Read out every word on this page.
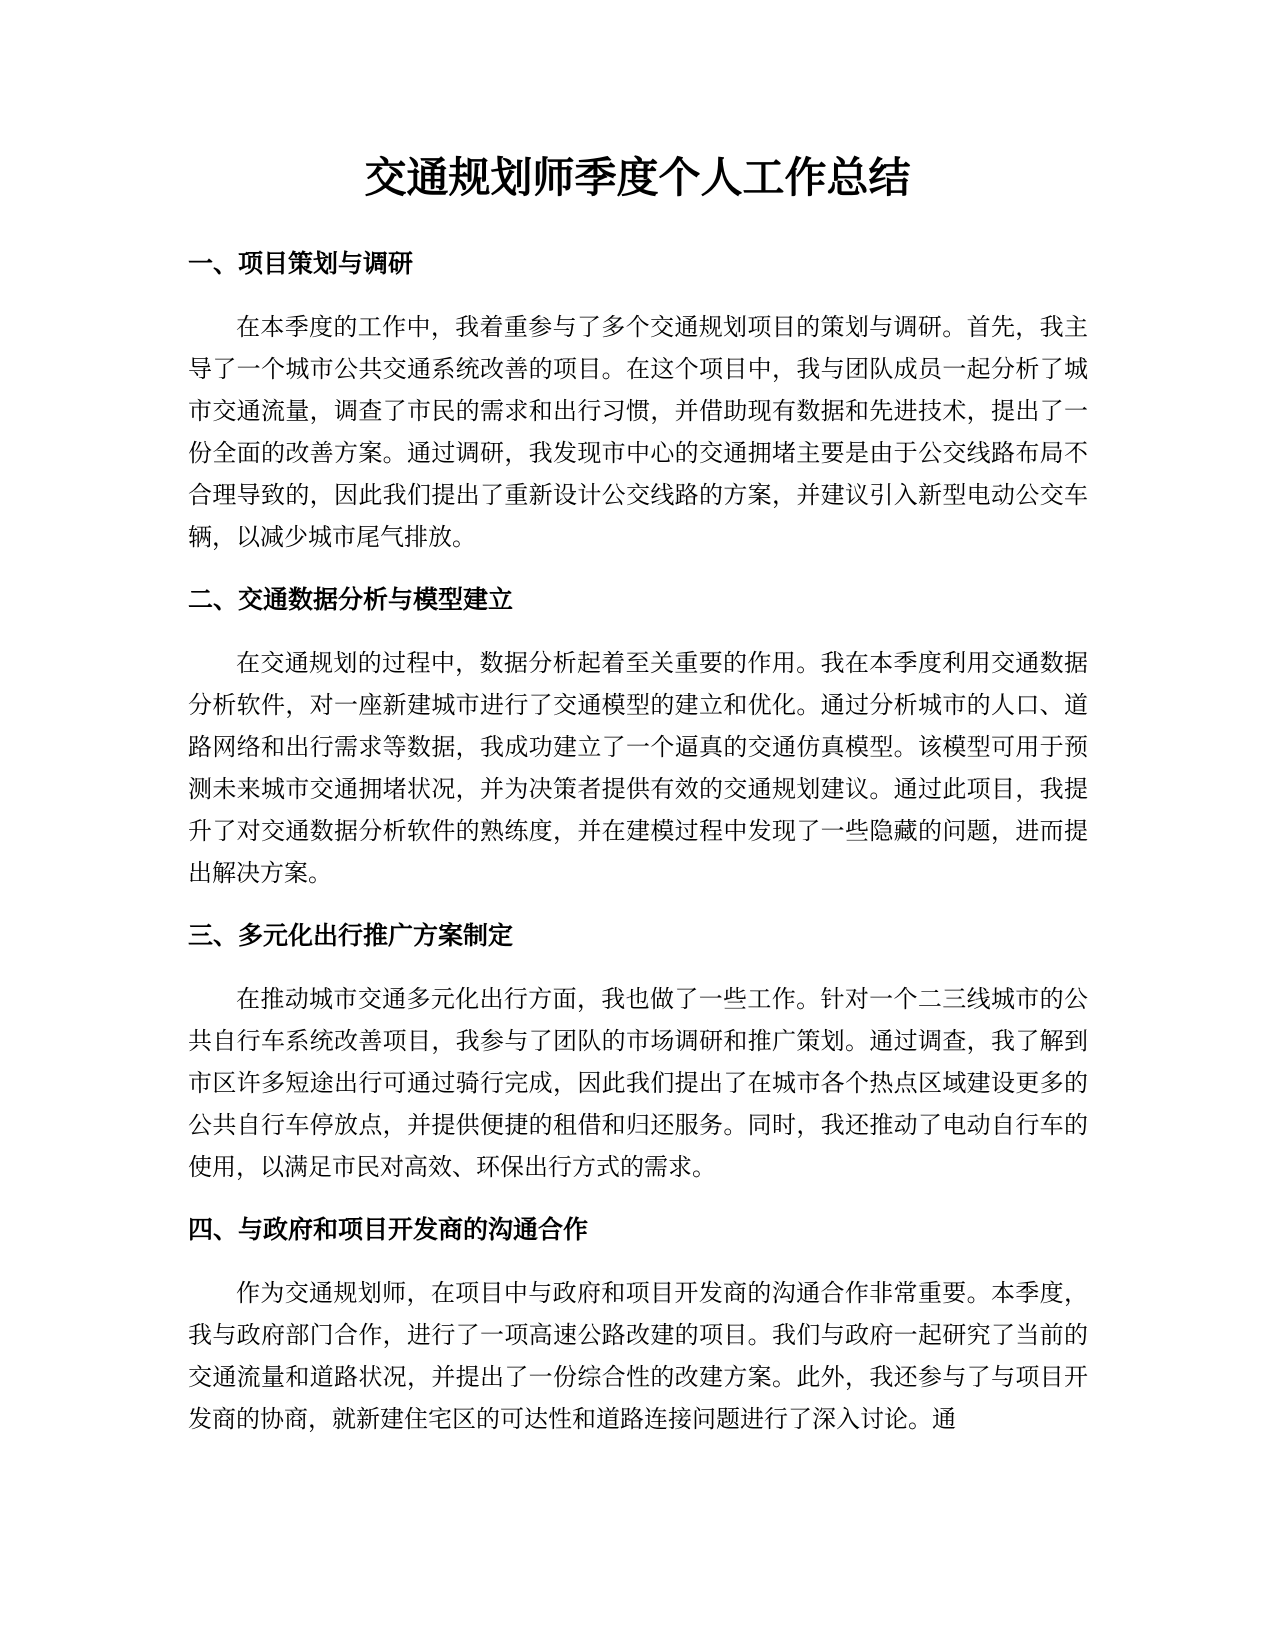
交通规划师季度个人工作总结
一、项目策划与调研

在本季度的工作中，我着重参与了多个交通规划项目的策划与调研。首先，我主导了一个城市公共交通系统改善的项目。在这个项目中，我与团队成员一起分析了城市交通流量，调查了市民的需求和出行习惯，并借助现有数据和先进技术，提出了一份全面的改善方案。通过调研，我发现市中心的交通拥堵主要是由于公交线路布局不合理导致的，因此我们提出了重新设计公交线路的方案，并建议引入新型电动公交车辆，以减少城市尾气排放。

二、交通数据分析与模型建立

在交通规划的过程中，数据分析起着至关重要的作用。我在本季度利用交通数据分析软件，对一座新建城市进行了交通模型的建立和优化。通过分析城市的人口、道路网络和出行需求等数据，我成功建立了一个逼真的交通仿真模型。该模型可用于预测未来城市交通拥堵状况，并为决策者提供有效的交通规划建议。通过此项目，我提升了对交通数据分析软件的熟练度，并在建模过程中发现了一些隐藏的问题，进而提出解决方案。

三、多元化出行推广方案制定

在推动城市交通多元化出行方面，我也做了一些工作。针对一个二三线城市的公共自行车系统改善项目，我参与了团队的市场调研和推广策划。通过调查，我了解到市区许多短途出行可通过骑行完成，因此我们提出了在城市各个热点区域建设更多的公共自行车停放点，并提供便捷的租借和归还服务。同时，我还推动了电动自行车的使用，以满足市民对高效、环保出行方式的需求。

四、与政府和项目开发商的沟通合作

作为交通规划师，在项目中与政府和项目开发商的沟通合作非常重要。本季度，我与政府部门合作，进行了一项高速公路改建的项目。我们与政府一起研究了当前的交通流量和道路状况，并提出了一份综合性的改建方案。此外，我还参与了与项目开发商的协商，就新建住宅区的可达性和道路连接问题进行了深入讨论。通
